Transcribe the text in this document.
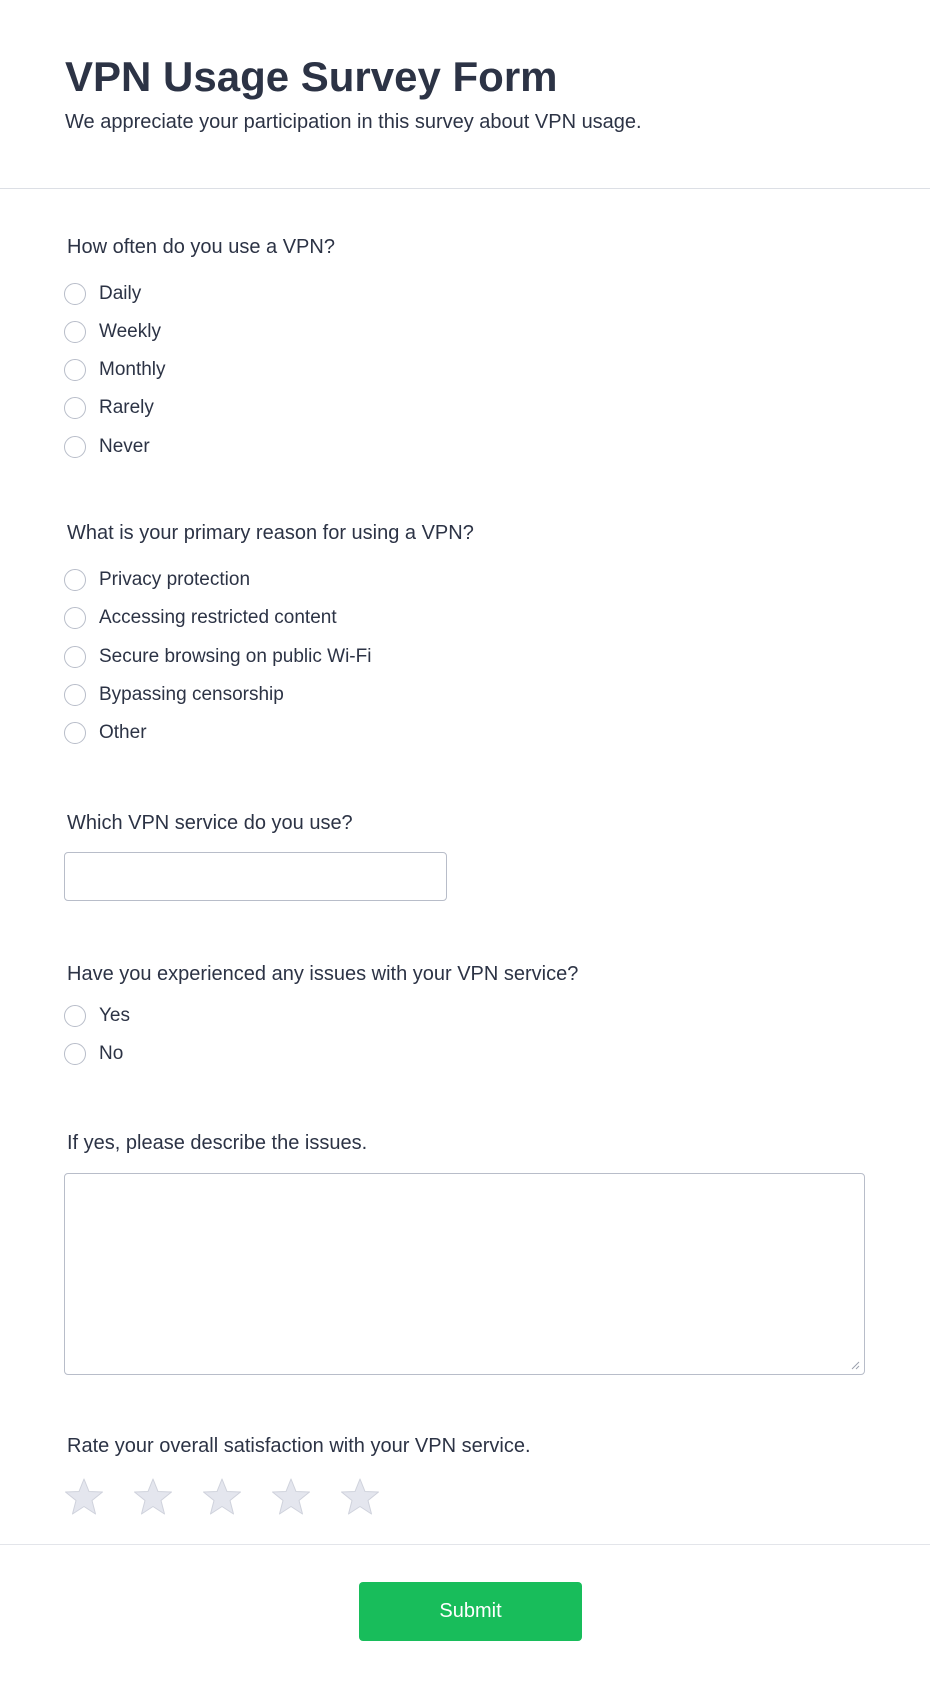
VPN Usage Survey Form

We appreciate your participation in this survey about VPN usage.

How often do you use a VPN?

Daily
Weekly
Monthly
Rarely
Never

What is your primary reason for using a VPN?

Privacy protection
Accessing restricted content
Secure browsing on public Wi-Fi
Bypassing censorship
Other

Which VPN service do you use?

Have you experienced any issues with your VPN service?

Yes
No

If yes, please describe the issues.

Rate your overall satisfaction with your VPN service.

Submit
